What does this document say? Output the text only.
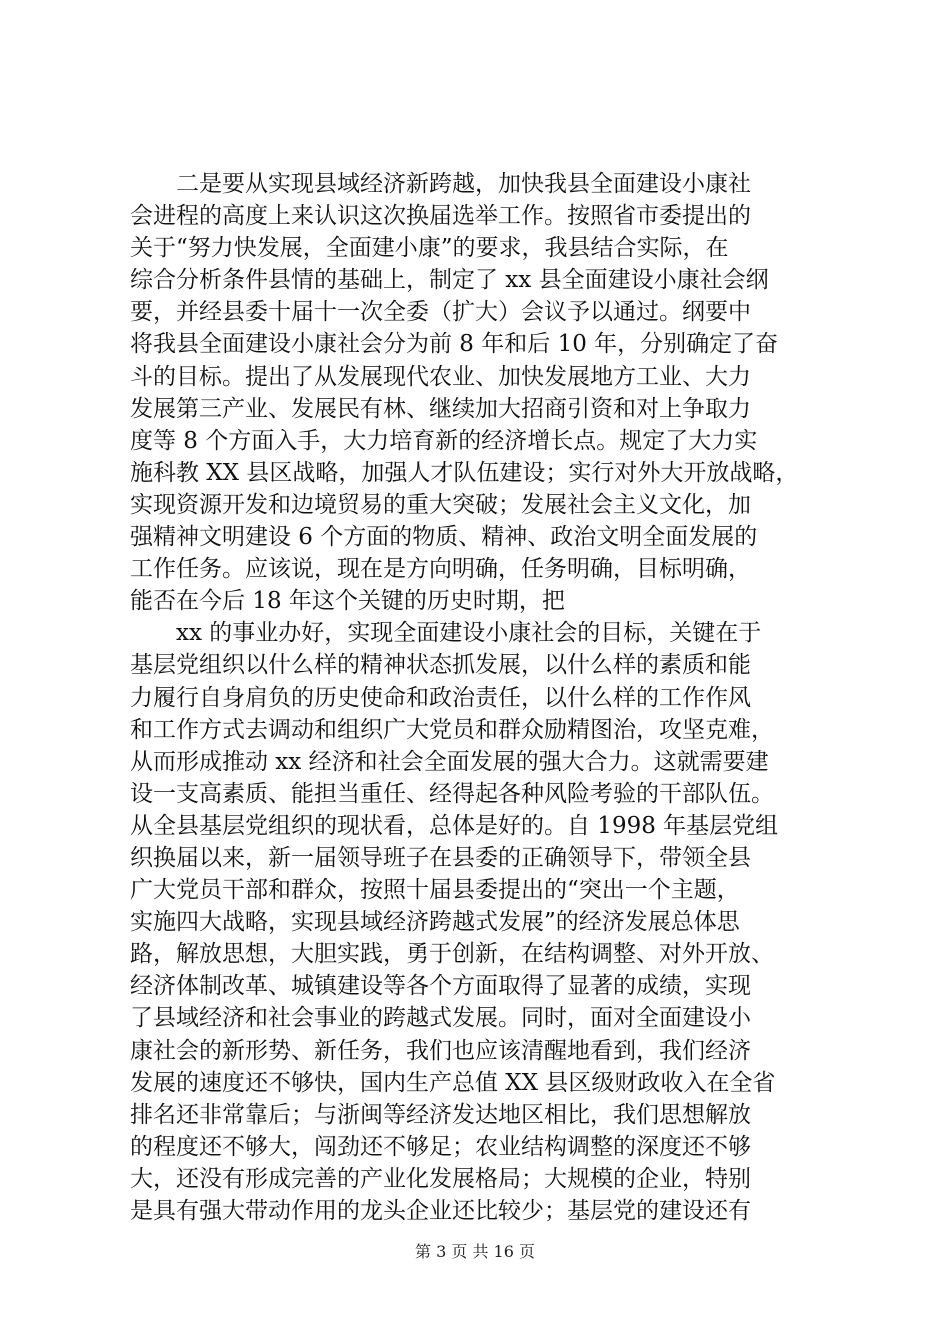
二是要从实现县域经济新跨越，加快我县全面建设小康社
会进程的高度上来认识这次换届选举工作。按照省市委提出的
关于“努力快发展，全面建小康”的要求，我县结合实际，在
综合分析条件县情的基础上，制定了 xx 县全面建设小康社会纲
要，并经县委十届十一次全委（扩大）会议予以通过。纲要中
将我县全面建设小康社会分为前 8 年和后 10 年，分别确定了奋
斗的目标。提出了从发展现代农业、加快发展地方工业、大力
发展第三产业、发展民有林、继续加大招商引资和对上争取力
度等 8 个方面入手，大力培育新的经济增长点。规定了大力实
施科教 XX 县区战略，加强人才队伍建设；实行对外大开放战略，
实现资源开发和边境贸易的重大突破；发展社会主义文化，加
强精神文明建设 6 个方面的物质、精神、政治文明全面发展的
工作任务。应该说，现在是方向明确，任务明确，目标明确，
能否在今后 18 年这个关键的历史时期，把
xx 的事业办好，实现全面建设小康社会的目标，关键在于
基层党组织以什么样的精神状态抓发展，以什么样的素质和能
力履行自身肩负的历史使命和政治责任，以什么样的工作作风
和工作方式去调动和组织广大党员和群众励精图治，攻坚克难，
从而形成推动 xx 经济和社会全面发展的强大合力。这就需要建
设一支高素质、能担当重任、经得起各种风险考验的干部队伍。
从全县基层党组织的现状看，总体是好的。自 1998 年基层党组
织换届以来，新一届领导班子在县委的正确领导下，带领全县
广大党员干部和群众，按照十届县委提出的“突出一个主题，
实施四大战略，实现县域经济跨越式发展”的经济发展总体思
路，解放思想，大胆实践，勇于创新，在结构调整、对外开放、
经济体制改革、城镇建设等各个方面取得了显著的成绩，实现
了县域经济和社会事业的跨越式发展。同时，面对全面建设小
康社会的新形势、新任务，我们也应该清醒地看到，我们经济
发展的速度还不够快，国内生产总值 XX 县区级财政收入在全省
排名还非常靠后；与浙闽等经济发达地区相比，我们思想解放
的程度还不够大，闯劲还不够足；农业结构调整的深度还不够
大，还没有形成完善的产业化发展格局；大规模的企业，特别
是具有强大带动作用的龙头企业还比较少；基层党的建设还有
第 3 页 共 16 页
